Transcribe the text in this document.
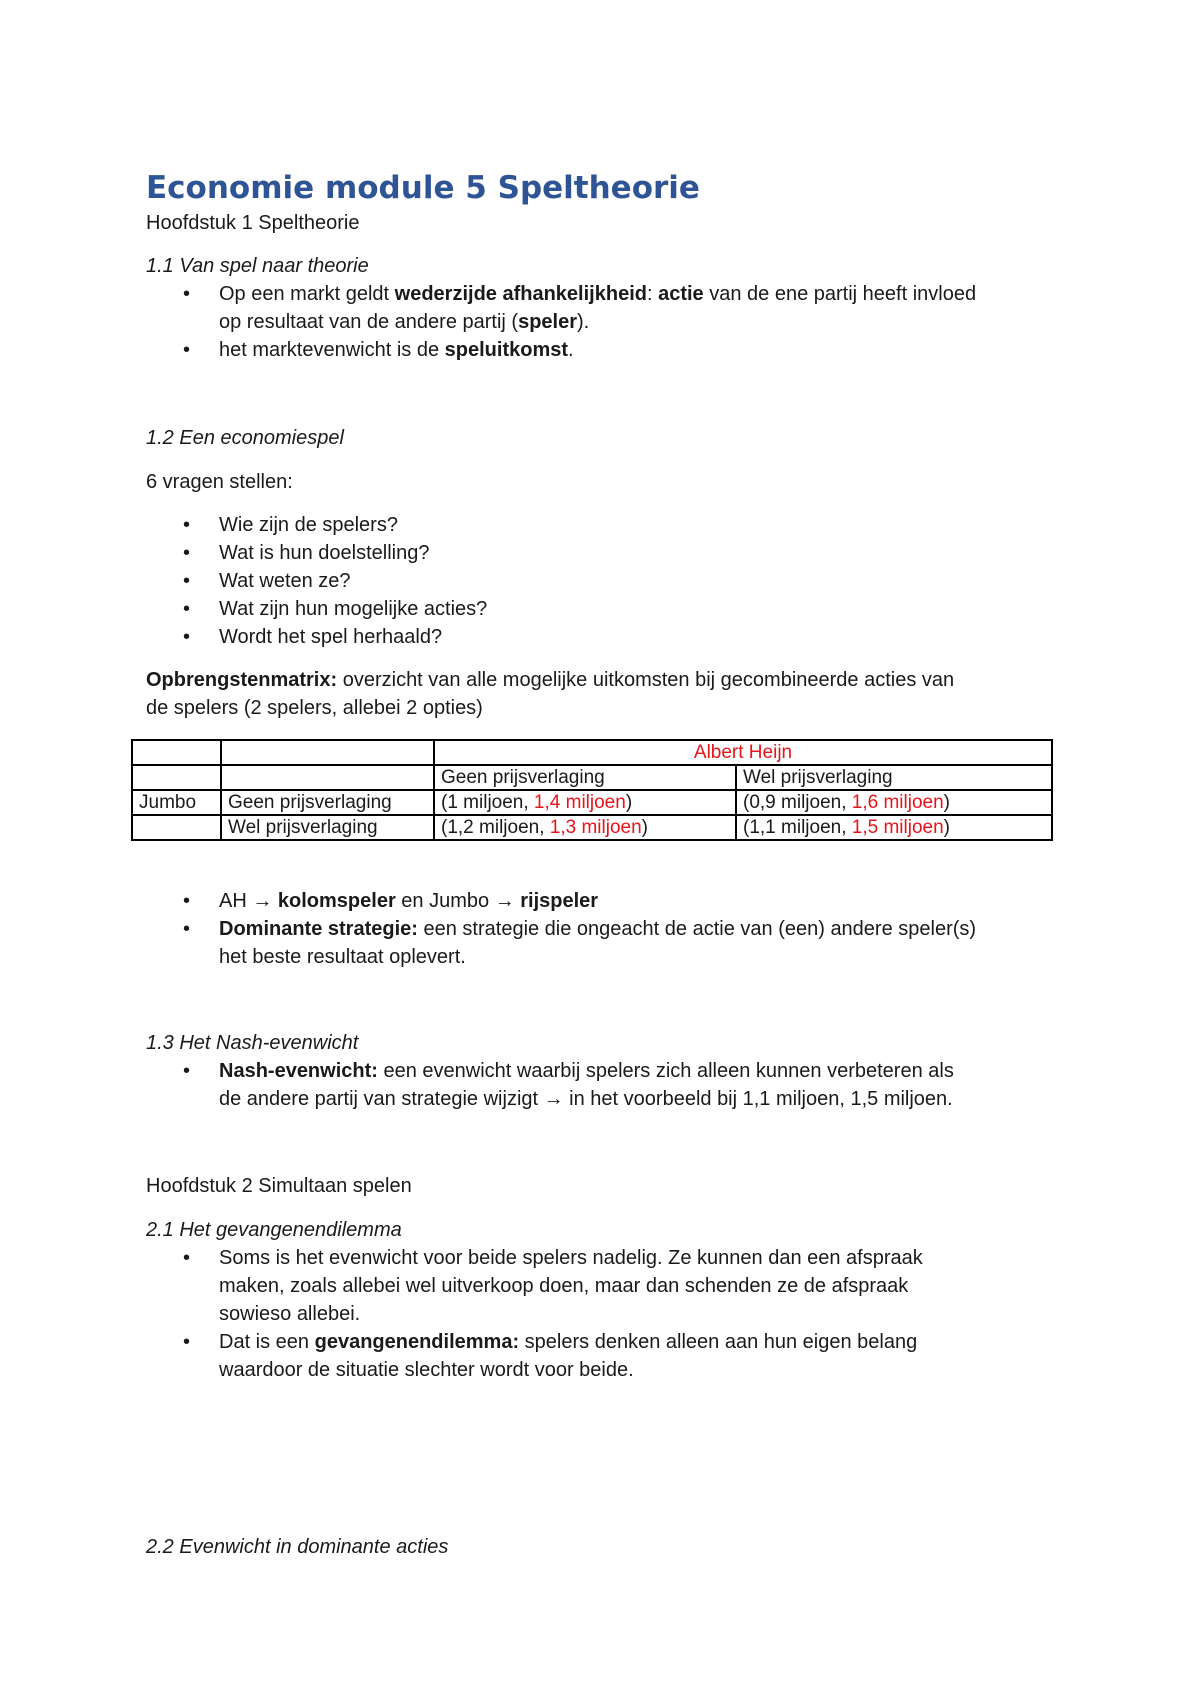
Economie module 5 Speltheorie

Hoofdstuk 1 Speltheorie

1.1 Van spel naar theorie

• Op een markt geldt wederzijde afhankelijkheid: actie van de ene partij heeft invloed
op resultaat van de andere partij (speler).
• het marktevenwicht is de speluitkomst.

1.2 Een economiespel

6 vragen stellen:

• Wie zijn de spelers?
• Wat is hun doelstelling?
• Wat weten ze?
• Wat zijn hun mogelijke acties?
• Wordt het spel herhaald?

Opbrengstenmatrix: overzicht van alle mogelijke uitkomsten bij gecombineerde acties van
de spelers (2 spelers, allebei 2 opties)

		Albert Heijn	
		Geen prijsverlaging	Wel prijsverlaging
Jumbo	Geen prijsverlaging	(1 miljoen, 1,4 miljoen)	(0,9 miljoen, 1,6 miljoen)
	Wel prijsverlaging	(1,2 miljoen, 1,3 miljoen)	(1,1 miljoen, 1,5 miljoen)
• AH → kolomspeler en Jumbo → rijspeler
• Dominante strategie: een strategie die ongeacht de actie van (een) andere speler(s)
het beste resultaat oplevert.

1.3 Het Nash-evenwicht

• Nash-evenwicht: een evenwicht waarbij spelers zich alleen kunnen verbeteren als
de andere partij van strategie wijzigt → in het voorbeeld bij 1,1 miljoen, 1,5 miljoen.

Hoofdstuk 2 Simultaan spelen

2.1 Het gevangenendilemma

• Soms is het evenwicht voor beide spelers nadelig. Ze kunnen dan een afspraak
maken, zoals allebei wel uitverkoop doen, maar dan schenden ze de afspraak
sowieso allebei.
• Dat is een gevangenendilemma: spelers denken alleen aan hun eigen belang
waardoor de situatie slechter wordt voor beide.

2.2 Evenwicht in dominante acties
